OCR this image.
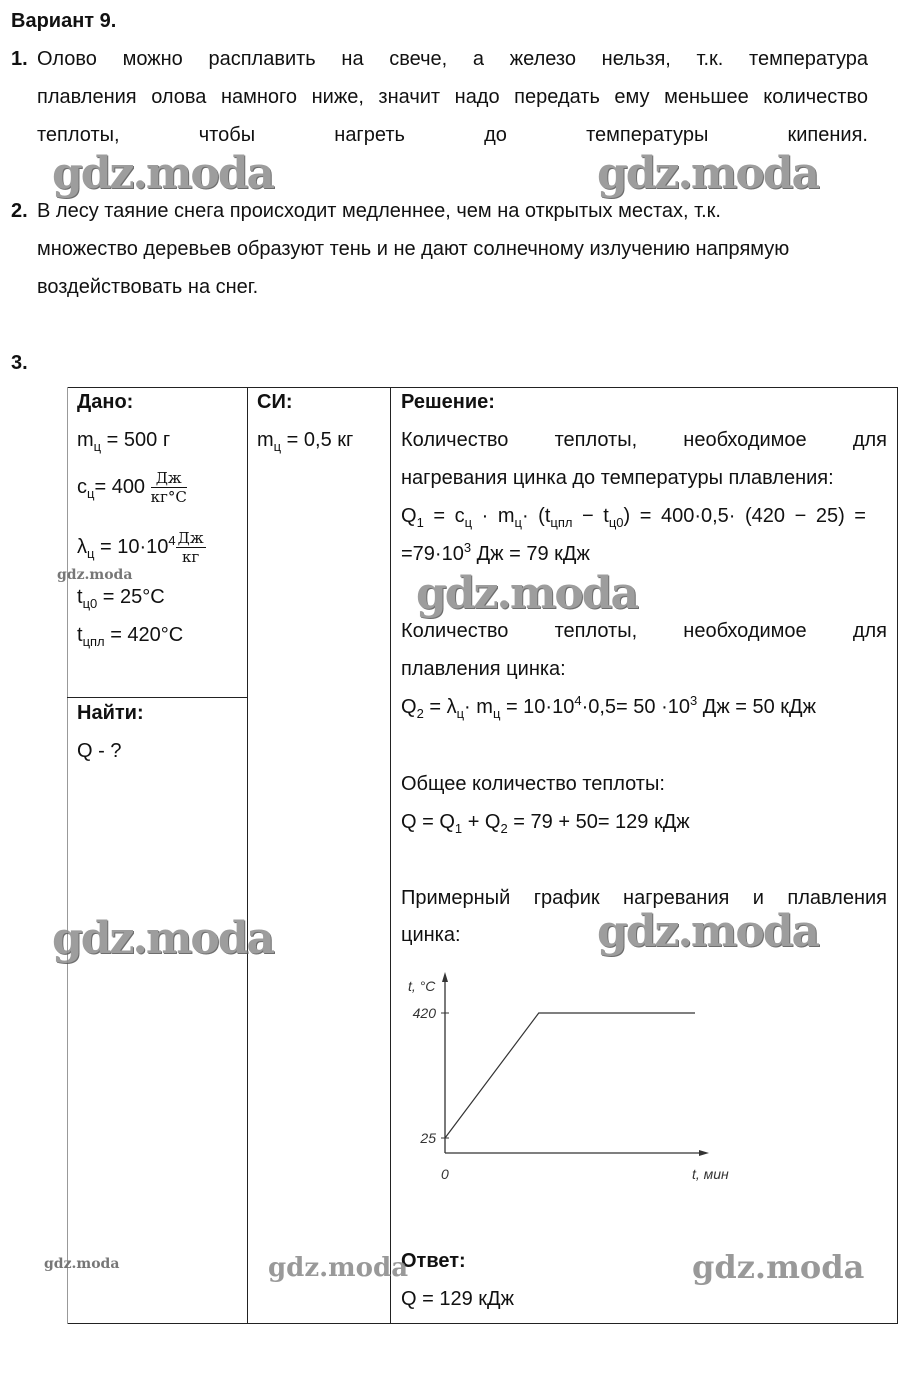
Вариант 9.
1. Олово можно расплавить на свече, а железо нельзя, т.к. температура
плавления олова намного ниже, значит надо передать ему меньшее количество
теплоты, чтобы нагреть до температуры кипения.
2. В лесу таяние снега происходит медленнее, чем на открытых местах, т.к.
множество деревьев образуют тень и не дают солнечному излучению напрямую
воздействовать на снег.
3.
Дано:
$m_ц = 500$ г
$c_ц= 400 \frac{Дж}{кг^\circ C}$
$\lambda_ц = 10\cdot 10^4 \frac{Дж}{кг}$
$t_{ц0} = 25^\circ C$
$t_{цпл} = 420^\circ C$
Найти:
Q - ?
СИ:
$m_ц = 0,5$ кг
Решение:
Количество теплоты, необходимое для
нагревания цинка до температуры плавления:
$Q_1 = c_ц \cdot m_ц\cdot (t_{цпл} - t_{ц0}) = 400\cdot 0,5\cdot (420 - 25)$ =
$=79\cdot 10^3$ Дж = 79 кДж
Количество теплоты, необходимое для
плавления цинка:
$Q_2 = \lambda_ц\cdot m_ц = 10\cdot 10^4\cdot 0,5= 50 \cdot 10^3$ Дж = 50 кДж
Общее количество теплоты:
$Q = Q_1 + Q_2 = 79 + 50= 129$ кДж
Примерный график нагревания и плавления
цинка:
t, °C
t, мин
0
420
25
Ответ:
Q = 129 кДж
gdz.moda	gdz.moda
gdz.moda
gdz.moda	gdz.moda
gdz.moda	gdz.moda
gdz.moda
gdz.moda
